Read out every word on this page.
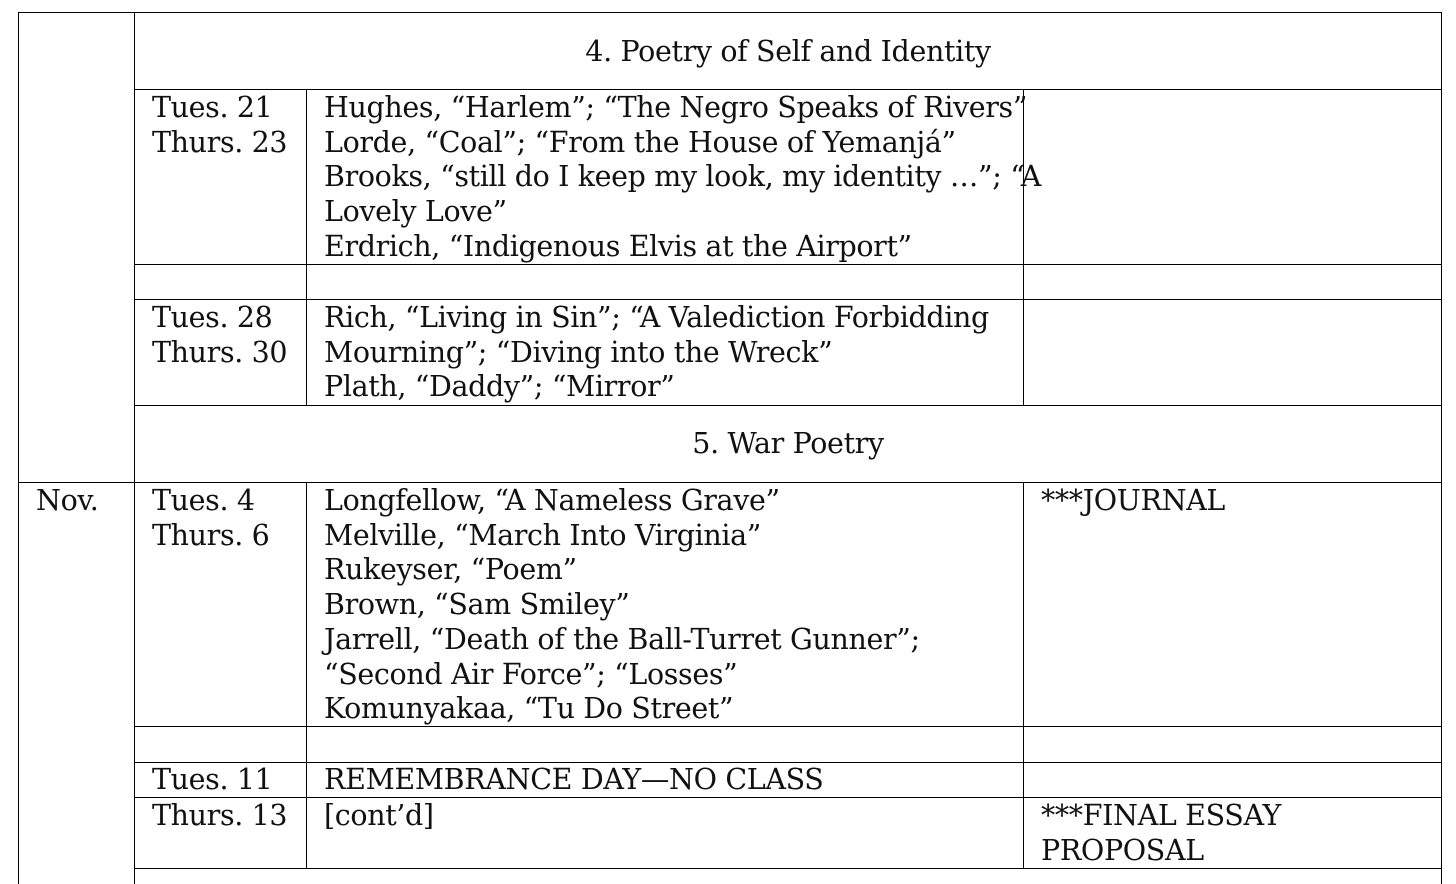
4. Poetry of Self and Identity
5. War Poetry
Tues. 21
Thurs. 23
Hughes, “Harlem”; “The Negro Speaks of Rivers”
Lorde, “Coal”; “From the House of Yemanjá”
Brooks, “still do I keep my look, my identity …”; “A
Lovely Love”
Erdrich, “Indigenous Elvis at the Airport”
Tues. 28
Thurs. 30
Rich, “Living in Sin”; “A Valediction Forbidding
Mourning”; “Diving into the Wreck”
Plath, “Daddy”; “Mirror”
Nov. Tues. 4
Thurs. 6
Longfellow, “A Nameless Grave”
Melville, “March Into Virginia”
Rukeyser, “Poem”
Brown, “Sam Smiley”
Jarrell, “Death of the Ball-Turret Gunner”;
“Second Air Force”; “Losses”
Komunyakaa, “Tu Do Street”
***JOURNAL
Tues. 11 REMEMBRANCE DAY—NO CLASS
Thurs. 13 [cont’d]	***FINAL ESSAY
PROPOSAL
